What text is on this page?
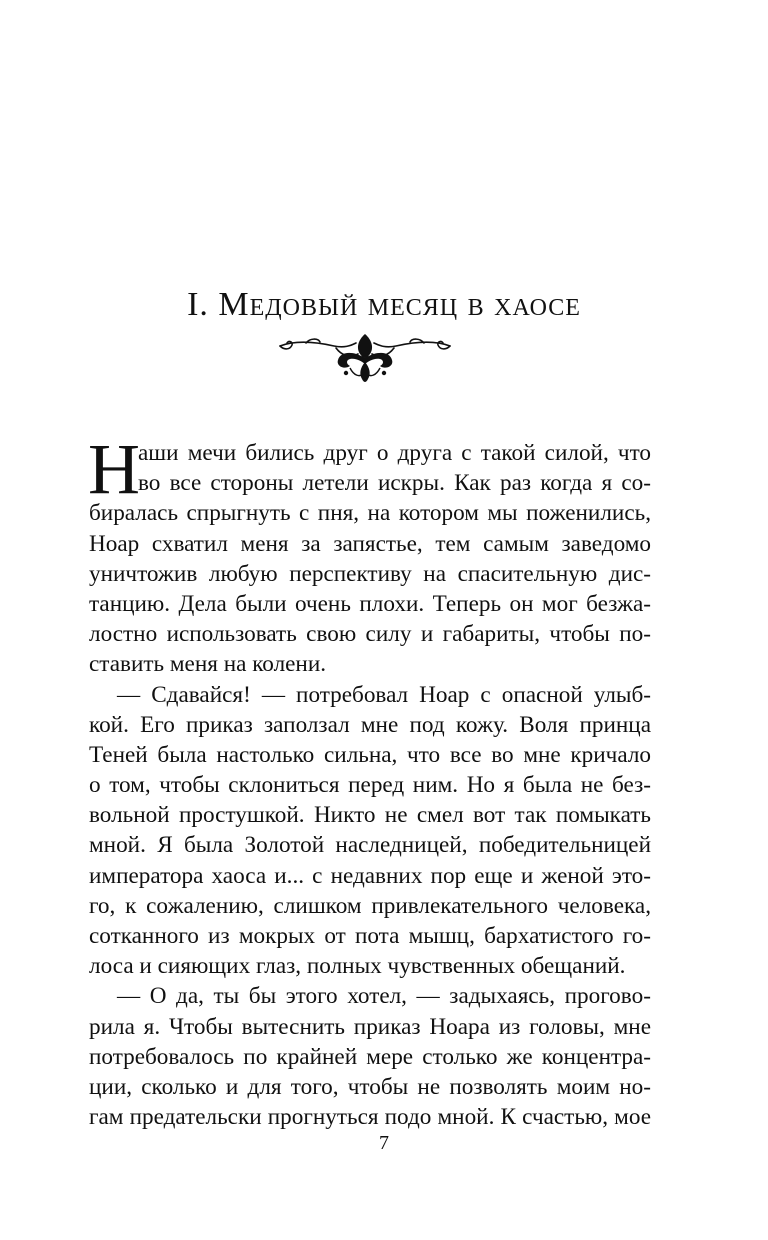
I. Медовый месяц в хаосе
Н
аши мечи бились друг о друга с такой силой, что
во все стороны летели искры. Как раз когда я со-
биралась спрыгнуть с пня, на котором мы поженились,
Ноар схватил меня за запястье, тем самым заведомо
уничтожив любую перспективу на спасительную дис-
танцию. Дела были очень плохи. Теперь он мог безжа-
лостно использовать свою силу и габариты, чтобы по-
ставить меня на колени.
— Сдавайся! — потребовал Ноар с опасной улыб-
кой. Его приказ заползал мне под кожу. Воля принца
Теней была настолько сильна, что все во мне кричало
о том, чтобы склониться перед ним. Но я была не без-
вольной простушкой. Никто не смел вот так помыкать
мной. Я была Золотой наследницей, победительницей
императора хаоса и... с недавних пор еще и женой это-
го, к сожалению, слишком привлекательного человека,
сотканного из мокрых от пота мышц, бархатистого го-
лоса и сияющих глаз, полных чувственных обещаний.
— О да, ты бы этого хотел, — задыхаясь, проговo-
рила я. Чтобы вытеснить приказ Ноара из головы, мне
потребовалось по крайней мере столько же концентра-
ции, сколько и для того, чтобы не позволять моим но-
гам предательски прогнуться подо мной. К счастью, мое
7
